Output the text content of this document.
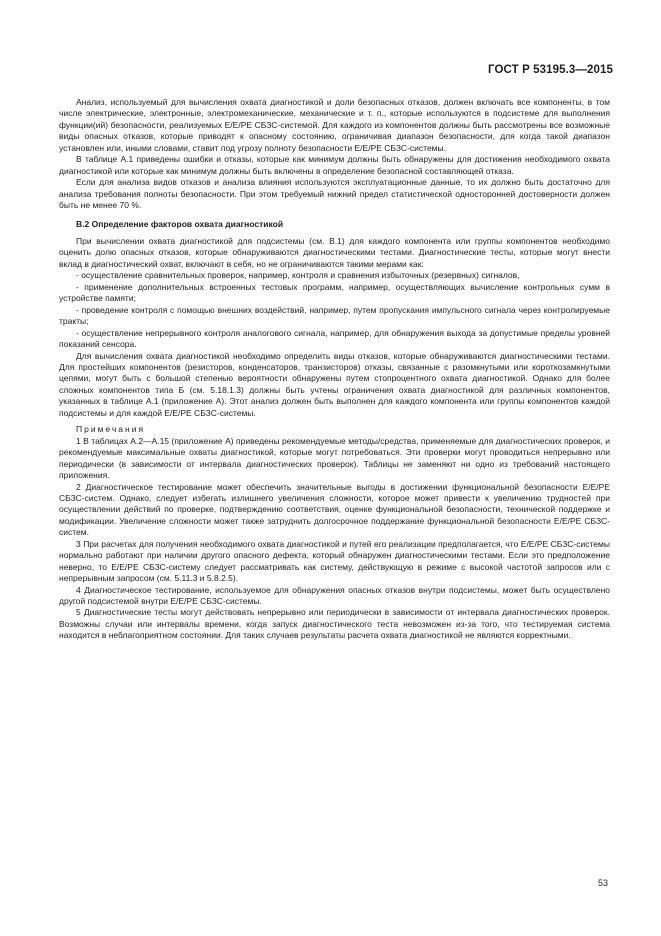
ГОСТ Р 53195.3—2015

Анализ, используемый для вычисления охвата диагностикой и доли безопасных отказов, должен включать все компоненты, в том числе электрические, электронные, электромеханические, механические и т. п., которые используются в подсистеме для выполнения функции(ий) безопасности, реализуемых E/E/PE СБЗС-системой. Для каждого из компонентов должны быть рассмотрены все возможные виды опасных отказов, которые приводят к опасному состоянию, ограничивая диапазон безопасности, для когда такой диапазон установлен или, иными словами, ставит под угрозу полноту безопасности E/E/PE СБЗС-системы.

В таблице А.1 приведены ошибки и отказы, которые как минимум должны быть обнаружены для достижения необходимого охвата диагностикой или которые как минимум должны быть включены в определение безопасной составляющей отказа.

Если для анализа видов отказов и анализа влияния используются эксплуатационные данные, то их должно быть достаточно для анализа требования полноты безопасности. При этом требуемый нижний предел статистической односторонней достоверности должен быть не менее 70 %.

В.2 Определение факторов охвата диагностикой

При вычислении охвата диагностикой для подсистемы (см. В.1) для каждого компонента или группы компонентов необходимо оценить долю опасных отказов, которые обнаруживаются диагностическими тестами. Диагностические тесты, которые могут внести вклад в диагностический охват, включают в себя, но не ограничиваются такими мерами как:

- осуществление сравнительных проверок, например, контроля и сравнения избыточных (резервных) сигналов,

- применение дополнительных встроенных тестовых программ, например, осуществляющих вычисление контрольных сумм в устройстве памяти;

- проведение контроля с помощью внешних воздействий, например, путем пропускания импульсного сигнала через контролируемые тракты;

- осуществление непрерывного контроля аналогового сигнала, например, для обнаружения выхода за допустимые пределы уровней показаний сенсора.

Для вычисления охвата диагностикой необходимо определить виды отказов, которые обнаруживаются диагностическими тестами. Для простейших компонентов (резисторов, конденсаторов, транзисторов) отказы, связанные с разомкнутыми или короткозамкнутыми цепями, могут быть с большой степенью вероятности обнаружены путем стопроцентного охвата диагностикой. Однако для более сложных компонентов типа Б (см. 5.18.1.3) должны быть учтены ограничения охвата диагностикой для различных компонентов, указанных в таблице А.1 (приложение А). Этот анализ должен быть выполнен для каждого компонента или группы компонентов каждой подсистемы и для каждой E/E/PE СБЗС-системы.

Примечания

1 В таблицах А.2—А.15 (приложение А) приведены рекомендуемые методы/средства, применяемые для диагностических проверок, и рекомендуемые максимальные охваты диагностикой, которые могут потребоваться. Эти проверки могут проводиться непрерывно или периодически (в зависимости от интервала диагностических проверок). Таблицы не заменяют ни одно из требований настоящего приложения.

2 Диагностическое тестирование может обеспечить значительные выгоды в достижении функциональной безопасности E/E/PE СБЗС-систем. Однако, следует избегать излишнего увеличения сложности, которое может привести к увеличению трудностей при осуществлении действий по проверке, подтверждению соответствия, оценке функциональной безопасности, технической поддержке и модификации. Увеличение сложности может также затруднить долгосрочное поддержание функциональной безопасности E/E/PE СБЗС-систем.

3 При расчетах для получения необходимого охвата диагностикой и путей его реализации предполагается, что E/E/PE СБЗС-системы нормально работают при наличии другого опасного дефекта, который обнаружен диагностическими тестами. Если это предположение неверно, то E/E/PE СБЗС-систему следует рассматривать как систему, действующую в режиме с высокой частотой запросов или с непрерывным запросом (см. 5.11.3 и 5.8.2.5).

4 Диагностическое тестирование, используемое для обнаружения опасных отказов внутри подсистемы, может быть осуществлено другой подсистемой внутри E/E/PE СБЗС-системы.

5 Диагностические тесты могут действовать непрерывно или периодически в зависимости от интервала диагностических проверок. Возможны случаи или интервалы времени, когда запуск диагностического теста невозможен из-за того, что тестируемая система находится в неблагоприятном состоянии. Для таких случаев результаты расчета охвата диагностикой не являются корректными.

53
